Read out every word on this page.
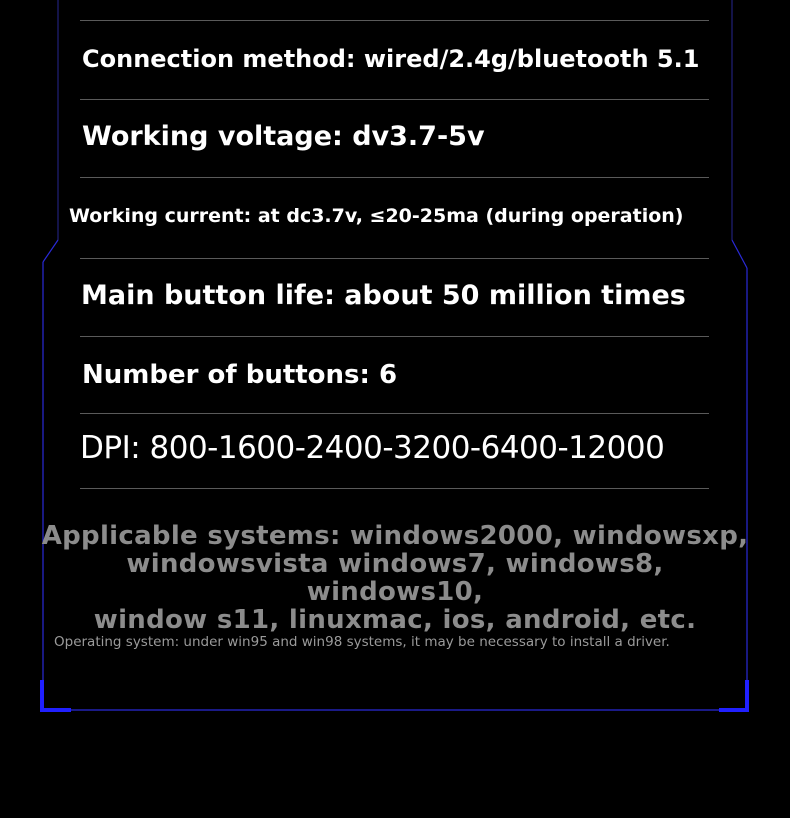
Connection method: wired/2.4g/bluetooth 5.1
Working voltage: dv3.7-5v
Working current: at dc3.7v, ≤20-25ma (during operation)
Main button life: about 50 million times
Number of buttons: 6
DPI: 800-1600-2400-3200-6400-12000
Applicable systems: windows2000, windowsxp,
windowsvista windows7, windows8, windows10,
window s11, linuxmac, ios, android, etc.
Operating system: under win95 and win98 systems, it may be necessary to install a driver.
